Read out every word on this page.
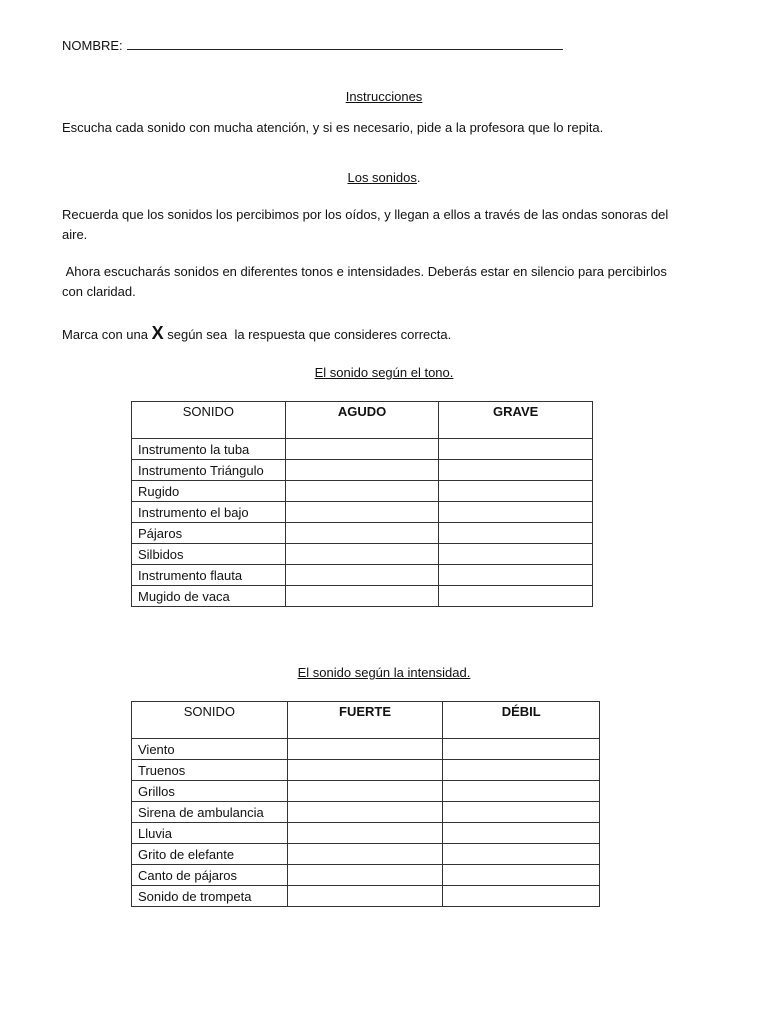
NOMBRE:
Instrucciones
Escucha cada sonido con mucha atención, y si es necesario, pide a la profesora que lo repita.
Los sonidos.
Recuerda que los sonidos los percibimos por los oídos, y llegan a ellos a través de las ondas sonoras del aire.
Ahora escucharás sonidos en diferentes tonos e intensidades. Deberás estar en silencio para percibirlos con claridad.
Marca con una X según sea  la respuesta que consideres correcta.
El sonido según el tono.
SONIDO	AGUDO	GRAVE
Instrumento la tuba		
Instrumento Triángulo		
Rugido		
Instrumento el bajo		
Pájaros		
Silbidos		
Instrumento flauta		
Mugido de vaca		
El sonido según la intensidad.
SONIDO	FUERTE	DÉBIL
Viento		
Truenos		
Grillos		
Sirena de ambulancia		
Lluvia		
Grito de elefante		
Canto de pájaros		
Sonido de trompeta		
